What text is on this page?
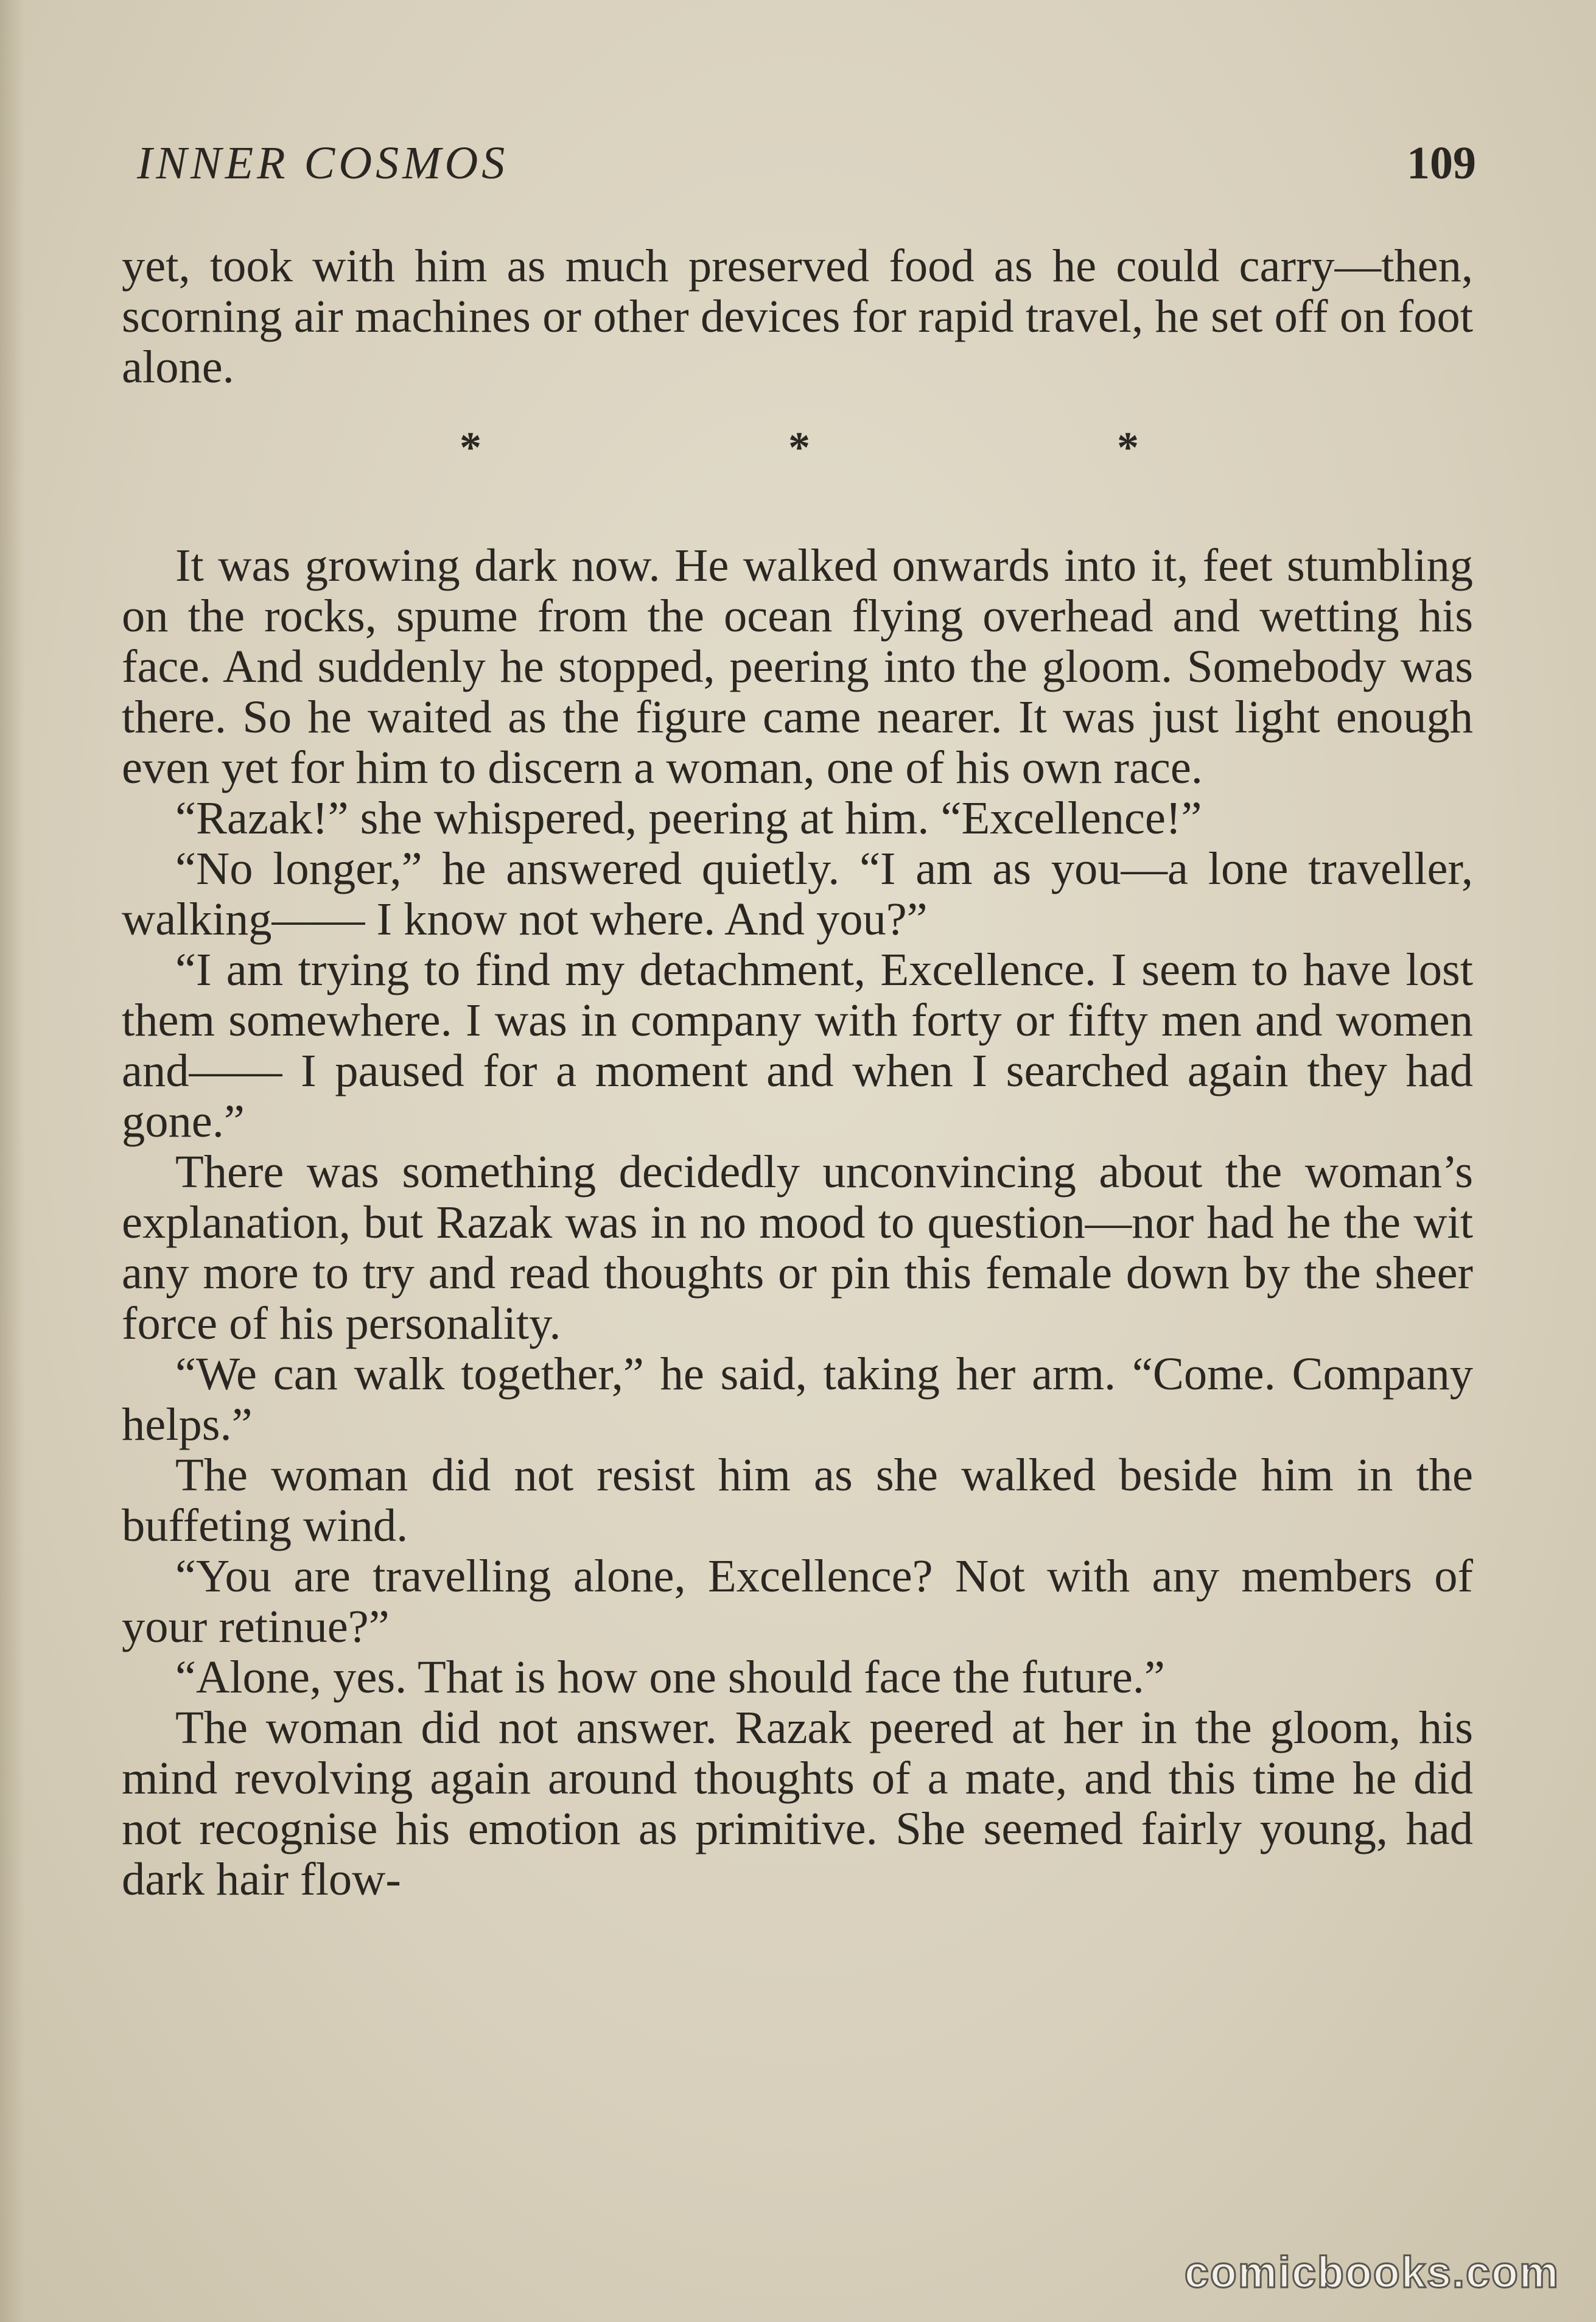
INNER COSMOS	109

yet, took with him as much preserved food as he could carry—then, scorning air machines or other devices for rapid travel, he set off on foot alone.

*	*	*

It was growing dark now. He walked onwards into it, feet stumbling on the rocks, spume from the ocean flying overhead and wetting his face. And suddenly he stopped, peering into the gloom. Somebody was there. So he waited as the figure came nearer. It was just light enough even yet for him to discern a woman, one of his own race.

“Razak!” she whispered, peering at him. “Excellence!”

“No longer,” he answered quietly. “I am as you—a lone traveller, walking—— I know not where. And you?”

“I am trying to find my detachment, Excellence. I seem to have lost them somewhere. I was in company with forty or fifty men and women and—— I paused for a moment and when I searched again they had gone.”

There was something decidedly unconvincing about the woman’s explanation, but Razak was in no mood to question—nor had he the wit any more to try and read thoughts or pin this female down by the sheer force of his personality.

“We can walk together,” he said, taking her arm. “Come. Company helps.”

The woman did not resist him as she walked beside him in the buffeting wind.

“You are travelling alone, Excellence? Not with any members of your retinue?”

“Alone, yes. That is how one should face the future.”

The woman did not answer. Razak peered at her in the gloom, his mind revolving again around thoughts of a mate, and this time he did not recognise his emotion as primitive. She seemed fairly young, had dark hair flow-

comicbooks.com
